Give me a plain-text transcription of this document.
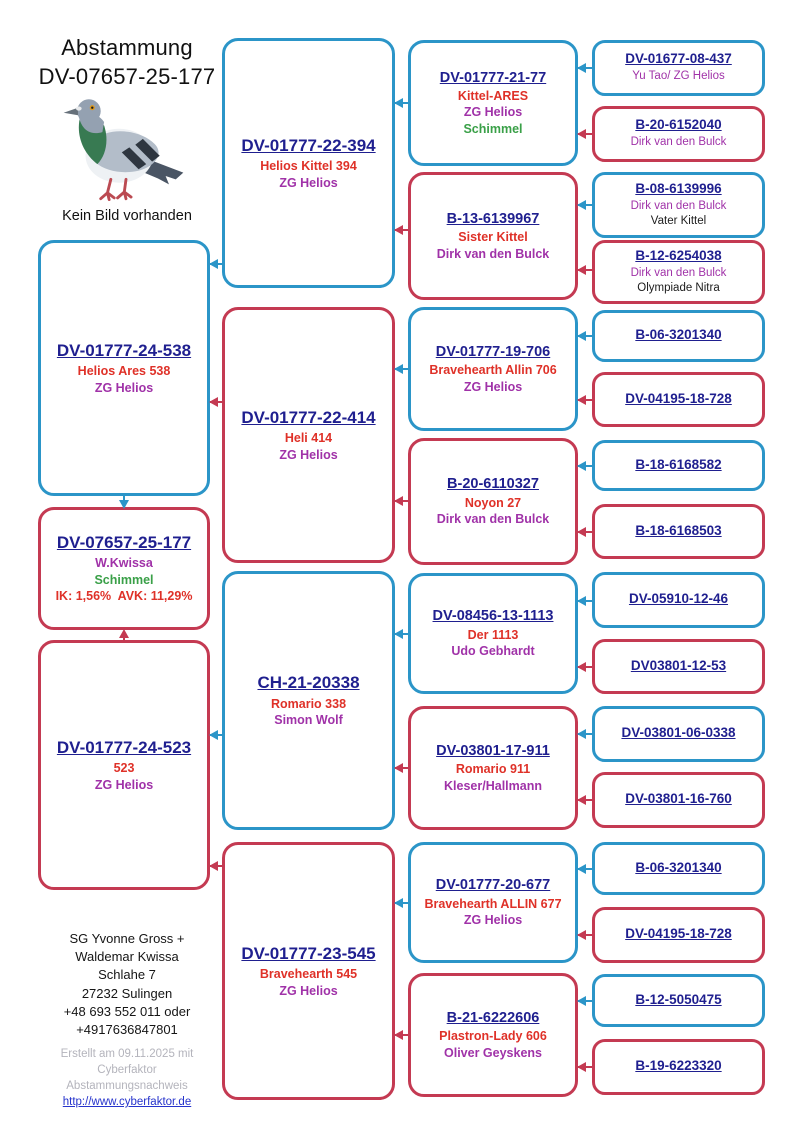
Abstammung
DV-07657-25-177
Kein Bild vorhanden
DV-07657-25-177
W.Kwissa
Schimmel
IK: 1,56%  AVK: 11,29%
DV-01777-24-538
Helios Ares 538
ZG Helios
DV-01777-24-523
523
ZG Helios
DV-01777-22-394
Helios Kittel 394
ZG Helios
DV-01777-22-414
Heli 414
ZG Helios
CH-21-20338
Romario 338
Simon Wolf
DV-01777-23-545
Bravehearth 545
ZG Helios
DV-01777-21-77
Kittel-ARES
ZG Helios
Schimmel
B-13-6139967
Sister Kittel
Dirk van den Bulck
DV-01777-19-706
Bravehearth Allin 706
ZG Helios
B-20-6110327
Noyon 27
Dirk van den Bulck
DV-08456-13-1113
Der 1113
Udo Gebhardt
DV-03801-17-911
Romario 911
Kleser/Hallmann
DV-01777-20-677
Bravehearth ALLIN 677
ZG Helios
B-21-6222606
Plastron-Lady 606
Oliver Geyskens
DV-01677-08-437
Yu Tao/ ZG Helios
B-20-6152040
Dirk van den Bulck
B-08-6139996
Dirk van den Bulck
Vater Kittel
B-12-6254038
Dirk van den Bulck
Olympiade Nitra
B-06-3201340
DV-04195-18-728
B-18-6168582
B-18-6168503
DV-05910-12-46
DV03801-12-53
DV-03801-06-0338
DV-03801-16-760
B-06-3201340
DV-04195-18-728
B-12-5050475
B-19-6223320
SG Yvonne Gross +
Waldemar Kwissa
Schlahe 7
27232 Sulingen
+48 693 552 011 oder
+4917636847801
Erstellt am 09.11.2025 mit
Cyberfaktor
Abstammungsnachweis
http://www.cyberfaktor.de
